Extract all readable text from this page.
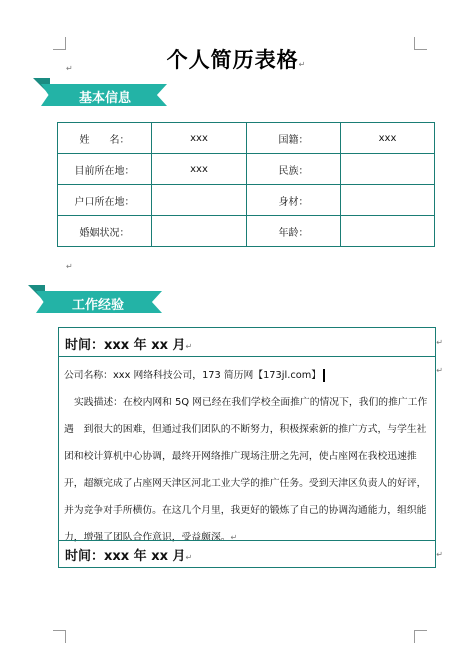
个人简历表格↵
↵
基本信息
姓　　名：	xxx	国籍：	xxx
目前所在地：	xxx	民族：	
户口所在地：		身材：	
婚姻状况：		年龄：	
↵
工作经验
时间：xxx 年 xx 月↵	↵
公司名称：xxx 网络科技公司，173 简历网【173jl.com】
实践描述：在校内网和 5Q 网已经在我们学校全面推广的情况下，我们的推广工作遇　到很大的困难，但通过我们团队的不断努力，积极探索新的推广方式，与学生社团和校计算机中心协调，最终开网络推广现场注册之先河，使占座网在我校迅速推开，超额完成了占座网天津区河北工业大学的推广任务。受到天津区负责人的好评，并为竞争对手所横仿。在这几个月里，我更好的锻炼了自己的协调沟通能力，组织能力，增强了团队合作意识，受益颇深。↵
↵
时间：xxx 年 xx 月↵	↵
